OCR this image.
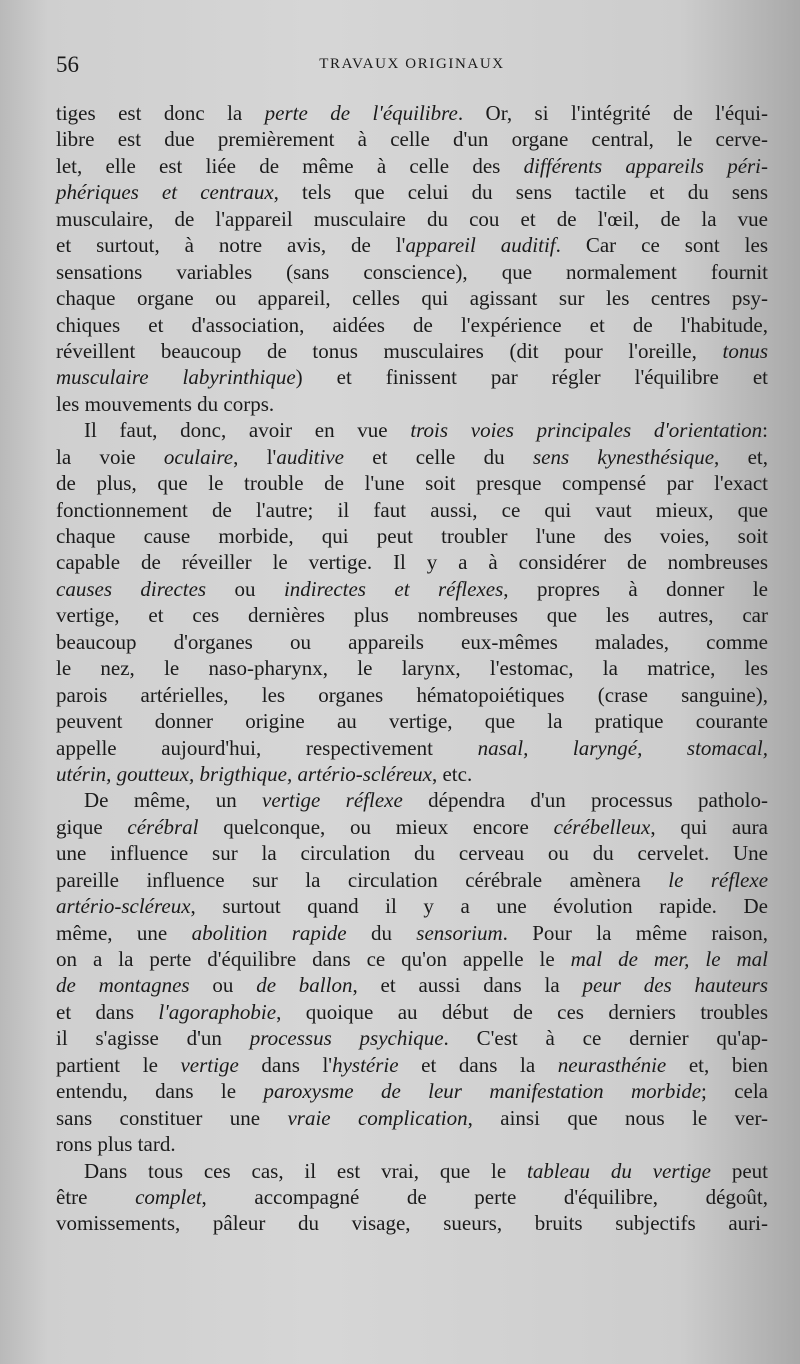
56	TRAVAUX ORIGINAUX
tiges est donc la perte de l'équilibre. Or, si l'intégrité de l'équi-
libre est due premièrement à celle d'un organe central, le cerve-
let, elle est liée de même à celle des différents appareils péri-
phériques et centraux, tels que celui du sens tactile et du sens
musculaire, de l'appareil musculaire du cou et de l'œil, de la vue
et surtout, à notre avis, de l'appareil auditif. Car ce sont les
sensations variables (sans conscience), que normalement fournit
chaque organe ou appareil, celles qui agissant sur les centres psy-
chiques et d'association, aidées de l'expérience et de l'habitude,
réveillent beaucoup de tonus musculaires (dit pour l'oreille, tonus
musculaire labyrinthique) et finissent par régler l'équilibre et
les mouvements du corps.
Il faut, donc, avoir en vue trois voies principales d'orientation:
la voie oculaire, l'auditive et celle du sens kynesthésique, et,
de plus, que le trouble de l'une soit presque compensé par l'exact
fonctionnement de l'autre; il faut aussi, ce qui vaut mieux, que
chaque cause morbide, qui peut troubler l'une des voies, soit
capable de réveiller le vertige. Il y a à considérer de nombreuses
causes directes ou indirectes et réflexes, propres à donner le
vertige, et ces dernières plus nombreuses que les autres, car
beaucoup d'organes ou appareils eux-mêmes malades, comme
le nez, le naso-pharynx, le larynx, l'estomac, la matrice, les
parois artérielles, les organes hématopoiétiques (crase sanguine),
peuvent donner origine au vertige, que la pratique courante
appelle aujourd'hui, respectivement nasal, laryngé, stomacal,
utérin, goutteux, brigthique, artério-scléreux, etc.
De même, un vertige réflexe dépendra d'un processus patholo-
gique cérébral quelconque, ou mieux encore cérébelleux, qui aura
une influence sur la circulation du cerveau ou du cervelet. Une
pareille influence sur la circulation cérébrale amènera le réflexe
artério-scléreux, surtout quand il y a une évolution rapide. De
même, une abolition rapide du sensorium. Pour la même raison,
on a la perte d'équilibre dans ce qu'on appelle le mal de mer, le mal
de montagnes ou de ballon, et aussi dans la peur des hauteurs
et dans l'agoraphobie, quoique au début de ces derniers troubles
il s'agisse d'un processus psychique. C'est à ce dernier qu'ap-
partient le vertige dans l'hystérie et dans la neurasthénie et, bien
entendu, dans le paroxysme de leur manifestation morbide; cela
sans constituer une vraie complication, ainsi que nous le ver-
rons plus tard.
Dans tous ces cas, il est vrai, que le tableau du vertige peut
être complet, accompagné de perte d'équilibre, dégoût,
vomissements, pâleur du visage, sueurs, bruits subjectifs auri-
